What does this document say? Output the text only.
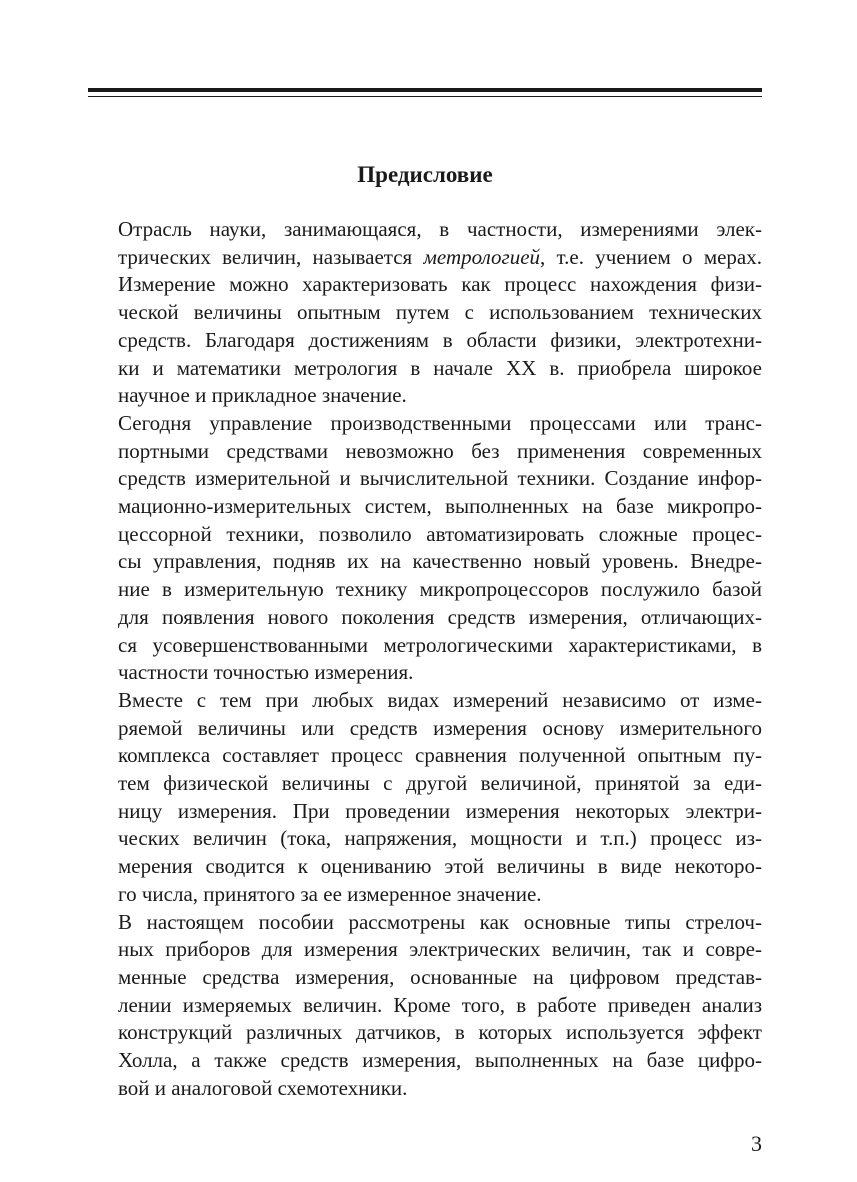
Предисловие

Отрасль науки, занимающаяся, в частности, измерениями элек-
трических величин, называется метрологией, т.е. учением о мерах.
Измерение можно характеризовать как процесс нахождения физи-
ческой величины опытным путем с использованием технических
средств. Благодаря достижениям в области физики, электротехни-
ки и математики метрология в начале XX в. приобрела широкое
научное и прикладное значение.

Сегодня управление производственными процессами или транс-
портными средствами невозможно без применения современных
средств измерительной и вычислительной техники. Создание инфор-
мационно-измерительных систем, выполненных на базе микропро-
цессорной техники, позволило автоматизировать сложные процес-
сы управления, подняв их на качественно новый уровень. Внедре-
ние в измерительную технику микропроцессоров послужило базой
для появления нового поколения средств измерения, отличающих-
ся усовершенствованными метрологическими характеристиками, в
частности точностью измерения.

Вместе с тем при любых видах измерений независимо от изме-
ряемой величины или средств измерения основу измерительного
комплекса составляет процесс сравнения полученной опытным пу-
тем физической величины с другой величиной, принятой за еди-
ницу измерения. При проведении измерения некоторых электри-
ческих величин (тока, напряжения, мощности и т.п.) процесс из-
мерения сводится к оцениванию этой величины в виде некоторо-
го числа, принятого за ее измеренное значение.

В настоящем пособии рассмотрены как основные типы стрелоч-
ных приборов для измерения электрических величин, так и совре-
менные средства измерения, основанные на цифровом представ-
лении измеряемых величин. Кроме того, в работе приведен анализ
конструкций различных датчиков, в которых используется эффект
Холла, а также средств измерения, выполненных на базе цифро-
вой и аналоговой схемотехники.

3
